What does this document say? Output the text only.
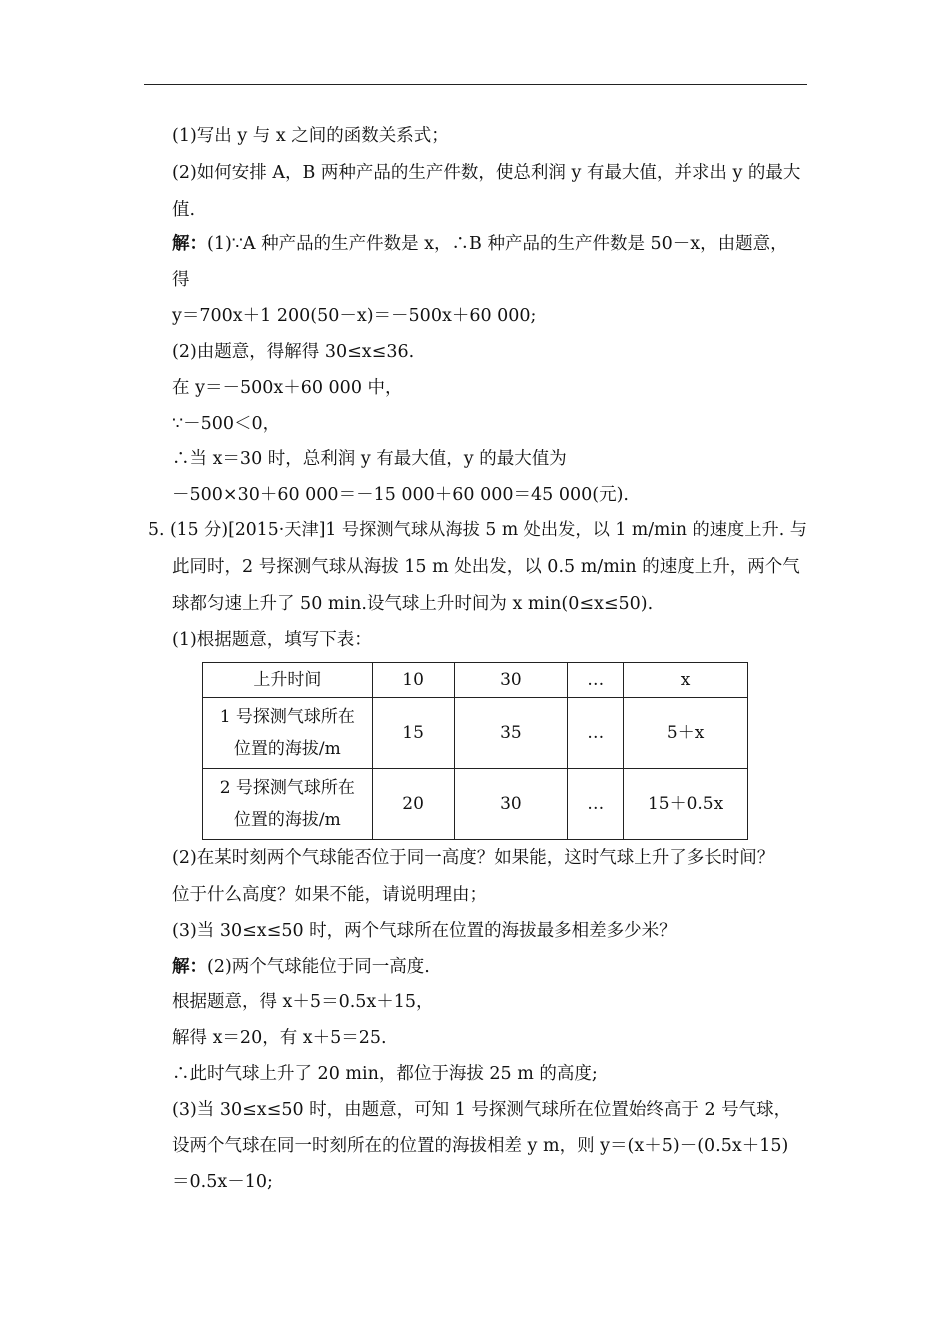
(1)写出 y 与 x 之间的函数关系式；
(2)如何安排 A，B 两种产品的生产件数，使总利润 y 有最大值，并求出 y 的最大
值.
解：(1)∵A 种产品的生产件数是 x，∴B 种产品的生产件数是 50－x，由题意，
得
y＝700x＋1 200(50－x)＝－500x＋60 000;
(2)由题意，得解得 30≤x≤36.
在 y＝－500x＋60 000 中，
∵－500＜0，
∴当 x＝30 时，总利润 y 有最大值，y 的最大值为
－500×30＋60 000＝－15 000＋60 000＝45 000(元).
5. (15 分)[2015·天津]1 号探测气球从海拔 5 m 处出发，以 1 m/min 的速度上升. 与
此同时，2 号探测气球从海拔 15 m 处出发，以 0.5 m/min 的速度上升，两个气
球都匀速上升了 50 min.设气球上升时间为 x min(0≤x≤50).
(1)根据题意，填写下表：
上升时间	10	30	…	x

1 号探测气球所在
位置的海拔/m	15	35	…	5＋x

2 号探测气球所在
位置的海拔/m	20	30	…	15＋0.5x
(2)在某时刻两个气球能否位于同一高度？如果能，这时气球上升了多长时间？
位于什么高度？如果不能，请说明理由；
(3)当 30≤x≤50 时，两个气球所在位置的海拔最多相差多少米？
解：(2)两个气球能位于同一高度.
根据题意，得 x＋5＝0.5x＋15，
解得 x＝20，有 x＋5＝25.
∴此时气球上升了 20 min，都位于海拔 25 m 的高度;
(3)当 30≤x≤50 时，由题意，可知 1 号探测气球所在位置始终高于 2 号气球，
设两个气球在同一时刻所在的位置的海拔相差 y m，则 y＝(x＋5)－(0.5x＋15)
＝0.5x－10;
